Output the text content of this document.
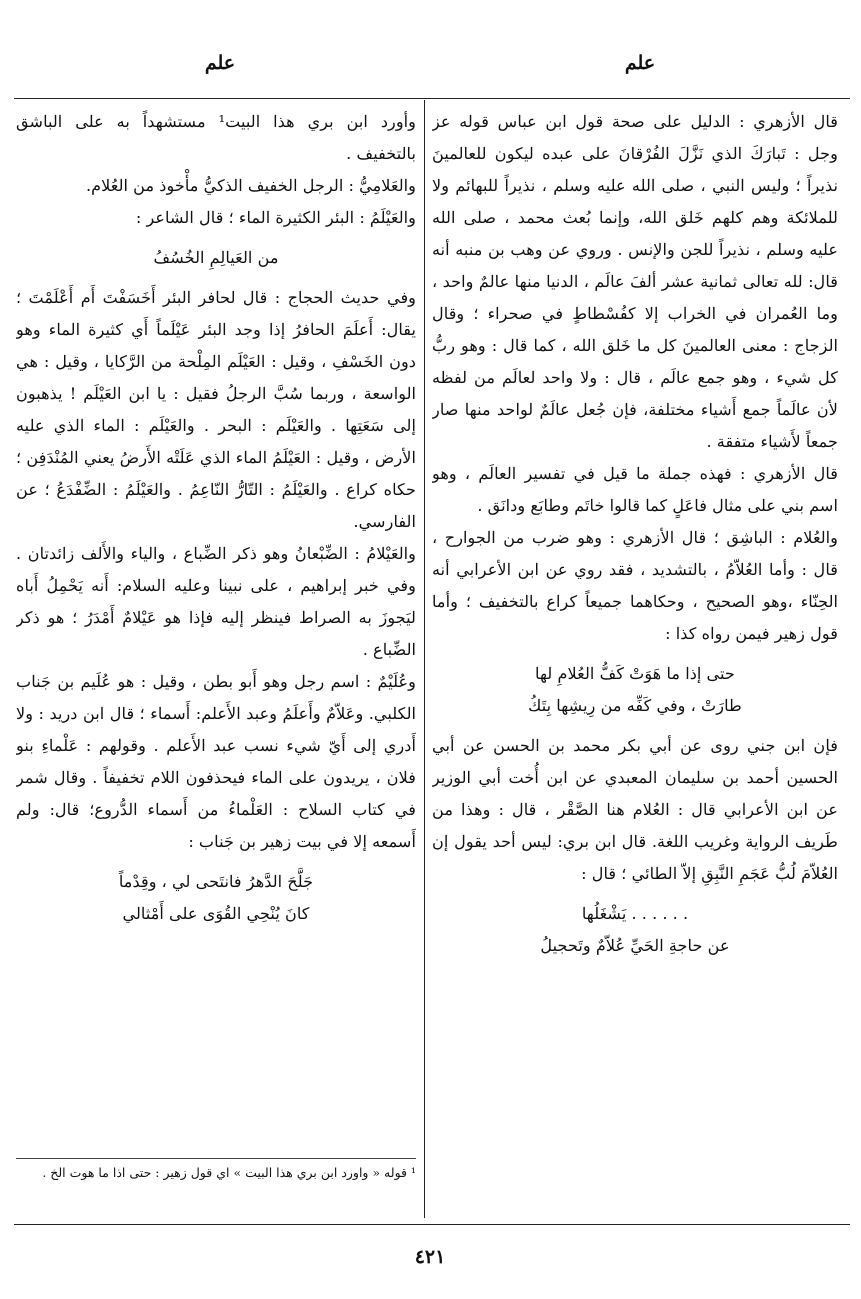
علم
علم

قال الأزهري : الدليل على صحة قول ابن عباس قوله عز وجل : تَبارَكَ الذي نَزَّلَ الفُرْقانَ على عبده ليكون للعالمينَ نذيراً ؛ وليس النبي ، صلى الله عليه وسلم ، نذيراً للبهائم ولا للملائكة وهم كلهم خَلق الله، وإنما بُعث محمد ، صلى الله عليه وسلم ، نذيراً للجن والإنس . وروي عن وهب بن منبه أنه قال: لله تعالى ثمانية عشر ألفَ عالَم ، الدنيا منها عالمٌ واحد ، وما العُمران في الخراب إلا كفُسْطاطٍ في صحراء ؛ وقال الزجاج : معنى العالمينَ كل ما خَلق الله ، كما قال : وهو ربُّ كل شيء ، وهو جمع عالَم ، قال : ولا واحد لعالَم من لفظه لأن عالَماً جمع أَشياء مختلفة، فإن جُعل عالَمٌ لواحد منها صار جمعاً لأَشياء متفقة .

قال الأزهري : فهذه جملة ما قيل في تفسير العالَم ، وهو اسم بني على مثال فاعَلٍ كما قالوا خاتَم وطابَع ودانَق .

والعُلام : الباشِق ؛ قال الأزهري : وهو ضرب من الجوارح ، قال : وأما العُلاّمُ ، بالتشديد ، فقد روي عن ابن الأعرابي أنه الحِنّاء ،وهو الصحيح ، وحكاهما جميعاً كراع بالتخفيف ؛ وأما قول زهير فيمن رواه كذا :

حتى إذا ما هَوَتْ كَفُّ العُلامِ لها
طارَتْ ، وفي كَفِّه من رِيشِها بِتَكُ

فإن ابن جني روى عن أبي بكر محمد بن الحسن عن أبي الحسين أحمد بن سليمان المعبدي عن ابن أُخت أبي الوزير عن ابن الأعرابي قال : العُلام هنا الصَّقْر ، قال : وهذا من طَريف الرواية وغريب اللغة. قال ابن بري: ليس أحد يقول إن العُلاّمَ لُبُّ عَجَمِ النَّبِقِ إلاّ الطائي ؛ قال :

. . . . . . يَشْغَلُها
عن حاجةِ الحَيِّ عُلاّمٌ وتَحجيلُ

وأورد ابن بري هذا البيت¹ مستشهداً به على الباشق بالتخفيف .

والعَلامِيُّ : الرجل الخفيف الذكيُّ مأْخوذ من العُلام.

والعَيْلَمُ : البئر الكثيرة الماء ؛ قال الشاعر :

من العَيالِمِ الخُسُفُ

وفي حديث الحجاج : قال لحافر البئر أَخَسَفْتَ أَم أَعْلَمْتَ ؛ يقال: أَعلَمَ الحافرُ إذا وجد البئر عَيْلَماً أَي كثيرة الماء وهو دون الخَسْفِ ، وقيل : العَيْلَم المِلْحة من الرَّكايا ، وقيل : هي الواسعة ، وربما سُبَّ الرجلُ فقيل : يا ابن العَيْلَم ! يذهبون إلى سَعَتِها . والعَيْلَم : البحر . والعَيْلَم : الماء الذي عليه الأرض ، وقيل : العَيْلَمُ الماء الذي عَلَتْه الأَرضُ يعني المُنْدَفِن ؛ حكاه كراع . والعَيْلَمُ : التّارُّ النّاعِمُ . والعَيْلَمُ : الضِّفْدَعُ ؛ عن الفارسي.

والعَيْلامُ : الضِّبْعانُ وهو ذكر الضِّباع ، والياء والأَلف زائدتان . وفي خبر إبراهيم ، على نبينا وعليه السلام: أَنه يَحْمِلُ أَباه ليَجوزَ به الصراط فينظر إليه فإذا هو عَيْلامٌ أَمْدَرُ ؛ هو ذكر الضِّباع .

وعُلَيْمٌ : اسم رجل وهو أَبو بطن ، وقيل : هو عُلَيم بن جَناب الكلبي. وعَلاّمٌ وأَعلَمُ وعبد الأَعلم: أَسماء ؛ قال ابن دريد : ولا أَدري إلى أَيّ شيء نسب عبد الأَعلم . وقولهم : عَلْماءِ بنو فلان ، يريدون على الماء فيحذفون اللام تخفيفاً . وقال شمر في كتاب السلاح : العَلْماءُ من أَسماء الدُّروع؛ قال: ولم أَسمعه إلا في بيت زهير بن جَناب :

جَلَّحَ الدَّهرُ فانتَحى لي ، وقِدْماً
كانَ يُنْحِي القُوَى على أَمْثالي
¹ قوله « واورد ابن بري هذا البيت » اي قول زهير : حتى اذا ما هوت الخ .
٤٢١
